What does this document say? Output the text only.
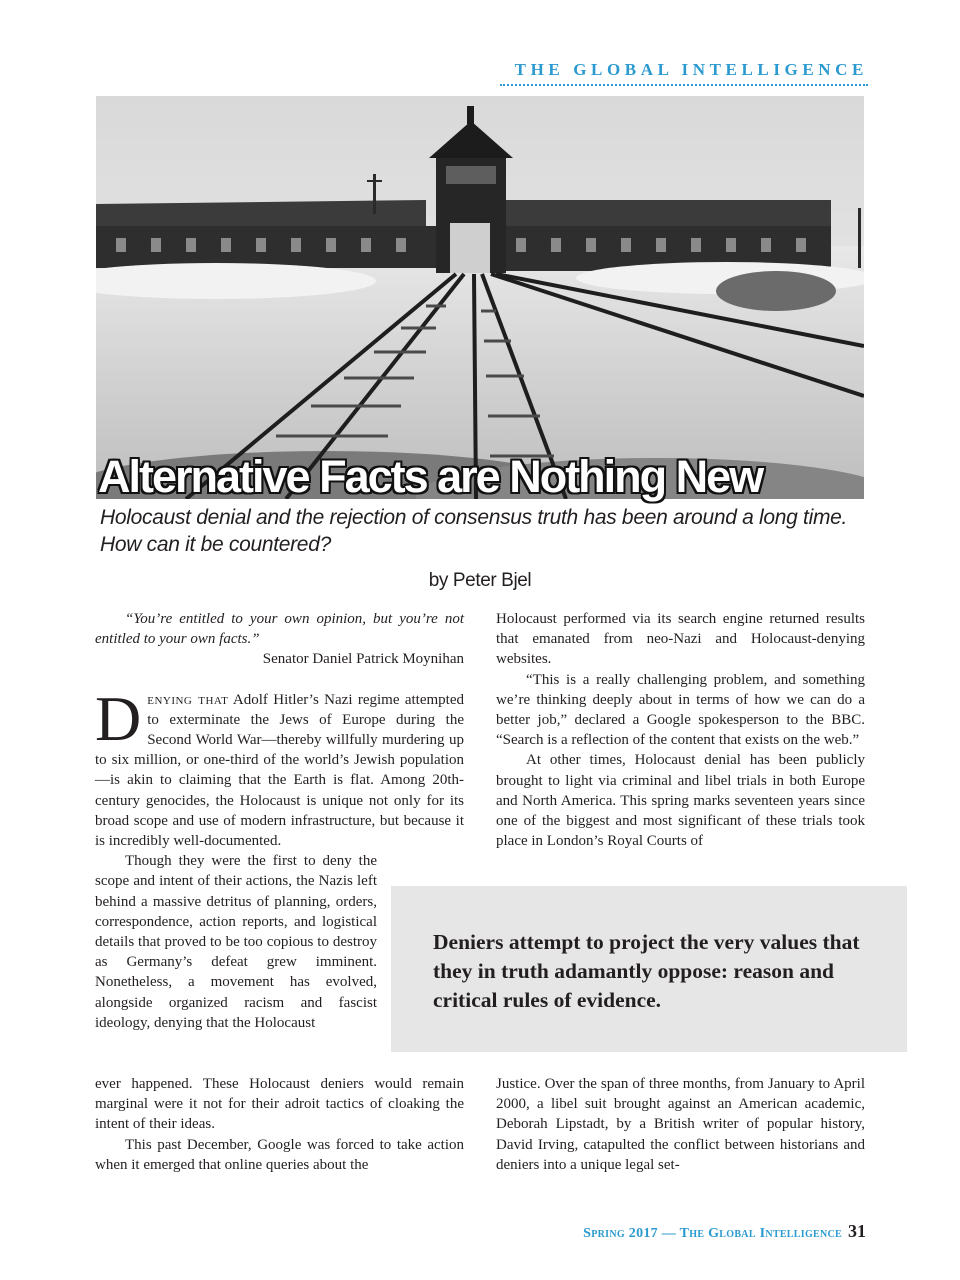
THE GLOBAL INTELLIGENCE
Alternative Facts are Nothing New

Holocaust denial and the rejection of consensus truth has been around a long time. How can it be countered?

by Peter Bjel

“You’re entitled to your own opinion, but you’re not entitled to your own facts.”

Senator Daniel Patrick Moynihan

Denying that Adolf Hitler’s Nazi regime attempted to exterminate the Jews of Europe during the Second World War—thereby willfully murdering up to six million, or one-third of the world’s Jewish population—is akin to claiming that the Earth is flat. Among 20th-century genocides, the Holocaust is unique not only for its broad scope and use of modern infrastructure, but because it is incredibly well-documented.

Though they were the first to deny the scope and intent of their actions, the Nazis left behind a massive detritus of planning, orders, correspondence, action reports, and logistical details that proved to be too copious to destroy as Germany’s defeat grew imminent. Nonetheless, a movement has evolved, alongside organized racism and fascist ideology, denying that the Holocaust

ever happened. These Holocaust deniers would remain marginal were it not for their adroit tactics of cloaking the intent of their ideas.

This past December, Google was forced to take action when it emerged that online queries about the

Holocaust performed via its search engine returned results that emanated from neo-Nazi and Holocaust-denying websites.

“This is a really challenging problem, and something we’re thinking deeply about in terms of how we can do a better job,” declared a Google spokesperson to the BBC. “Search is a reflection of the content that exists on the web.”

At other times, Holocaust denial has been publicly brought to light via criminal and libel trials in both Europe and North America. This spring marks seventeen years since one of the biggest and most significant of these trials took place in London’s Royal Courts of

Deniers attempt to project the very values that they in truth adamantly oppose: reason and critical rules of evidence.

Justice. Over the span of three months, from January to April 2000, a libel suit brought against an American academic, Deborah Lipstadt, by a British writer of popular history, David Irving, catapulted the conflict between historians and deniers into a unique legal set-

Spring 2017 — The Global Intelligence 31
